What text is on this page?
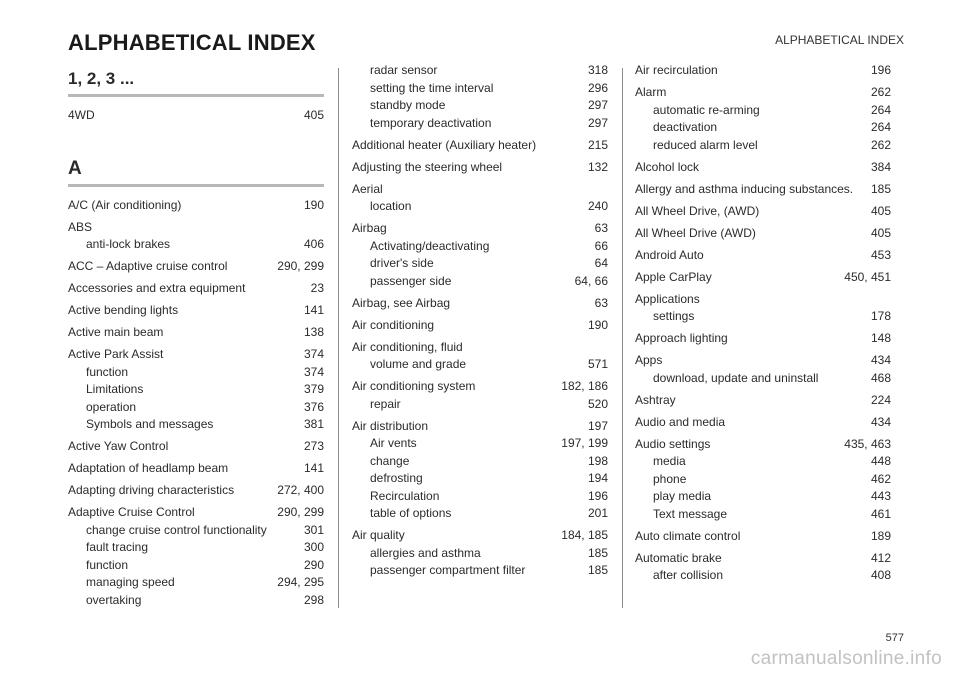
ALPHABETICAL INDEX	ALPHABETICAL INDEX
1, 2, 3 ...
4WD	405
A
A/C (Air conditioning)	190
ABS
anti-lock brakes	406
ACC – Adaptive cruise control	290, 299
Accessories and extra equipment	23
Active bending lights	141
Active main beam	138
Active Park Assist	374
function	374
Limitations	379
operation	376
Symbols and messages	381
Active Yaw Control	273
Adaptation of headlamp beam	141
Adapting driving characteristics	272, 400
Adaptive Cruise Control	290, 299
change cruise control functionality	301
fault tracing	300
function	290
managing speed	294, 295
overtaking	298
radar sensor	318
setting the time interval	296
standby mode	297
temporary deactivation	297
Additional heater (Auxiliary heater)	215
Adjusting the steering wheel	132
Aerial
location	240
Airbag	63
Activating/deactivating	66
driver's side	64
passenger side	64, 66
Airbag, see Airbag	63
Air conditioning	190
Air conditioning, fluid
volume and grade	571
Air conditioning system	182, 186
repair	520
Air distribution	197
Air vents	197, 199
change	198
defrosting	194
Recirculation	196
table of options	201
Air quality	184, 185
allergies and asthma	185
passenger compartment filter	185
Air recirculation	196
Alarm	262
automatic re-arming	264
deactivation	264
reduced alarm level	262
Alcohol lock	384
Allergy and asthma inducing substances. 185
All Wheel Drive, (AWD)	405
All Wheel Drive (AWD)	405
Android Auto	453
Apple CarPlay	450, 451
Applications
settings	178
Approach lighting	148
Apps	434
download, update and uninstall	468
Ashtray	224
Audio and media	434
Audio settings	435, 463
media	448
phone	462
play media	443
Text message	461
Auto climate control	189
Automatic brake	412
after collision	408
577
carmanualsonline.info
